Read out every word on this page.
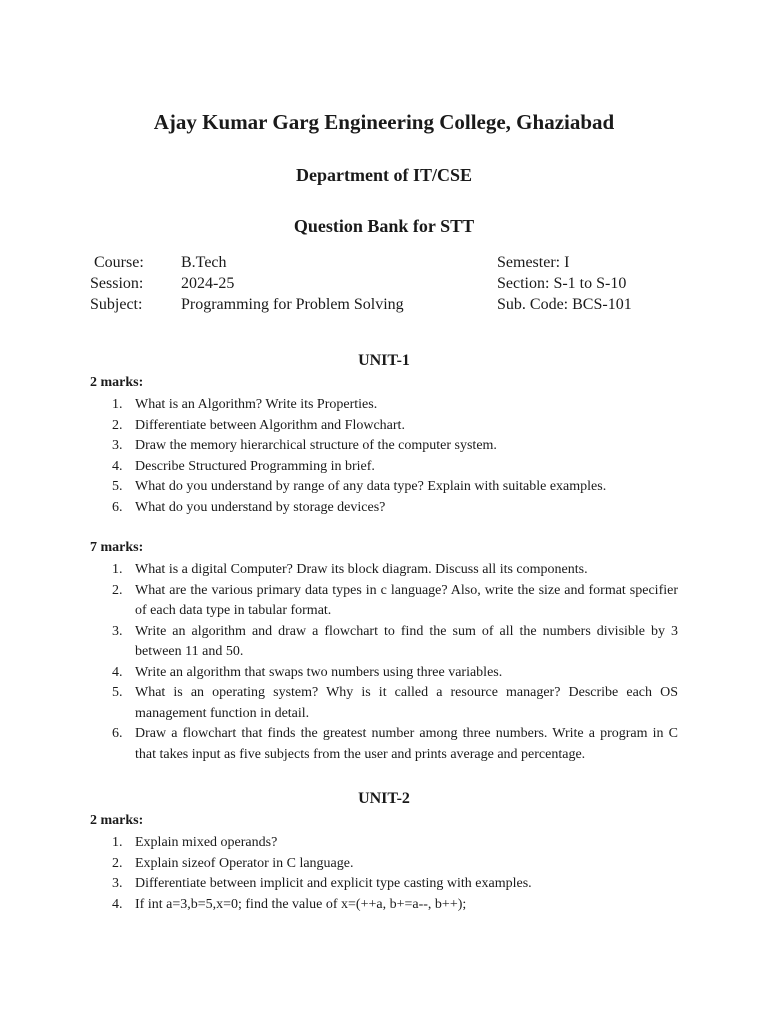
Ajay Kumar Garg Engineering College, Ghaziabad
Department of IT/CSE
Question Bank for STT
Course:
Session:
Subject:
B.Tech
2024-25
Programming for Problem Solving
Semester: I
Section: S-1 to S-10
Sub. Code: BCS-101
UNIT-1
2 marks:
1. What is an Algorithm? Write its Properties.
2. Differentiate between Algorithm and Flowchart.
3. Draw the memory hierarchical structure of the computer system.
4. Describe Structured Programming in brief.
5. What do you understand by range of any data type? Explain with suitable examples.
6. What do you understand by storage devices?
7 marks:
1. What is a digital Computer? Draw its block diagram. Discuss all its components.
2. What are the various primary data types in c language? Also, write the size and format specifier of each data type in tabular format.
3. Write an algorithm and draw a flowchart to find the sum of all the numbers divisible by 3 between 11 and 50.
4. Write an algorithm that swaps two numbers using three variables.
5. What is an operating system? Why is it called a resource manager? Describe each OS management function in detail.
6. Draw a flowchart that finds the greatest number among three numbers. Write a program in C that takes input as five subjects from the user and prints average and percentage.
UNIT-2
2 marks:
1. Explain mixed operands?
2. Explain sizeof Operator in C language.
3. Differentiate between implicit and explicit type casting with examples.
4. If int a=3,b=5,x=0; find the value of x=(++a, b+=a--, b++);
